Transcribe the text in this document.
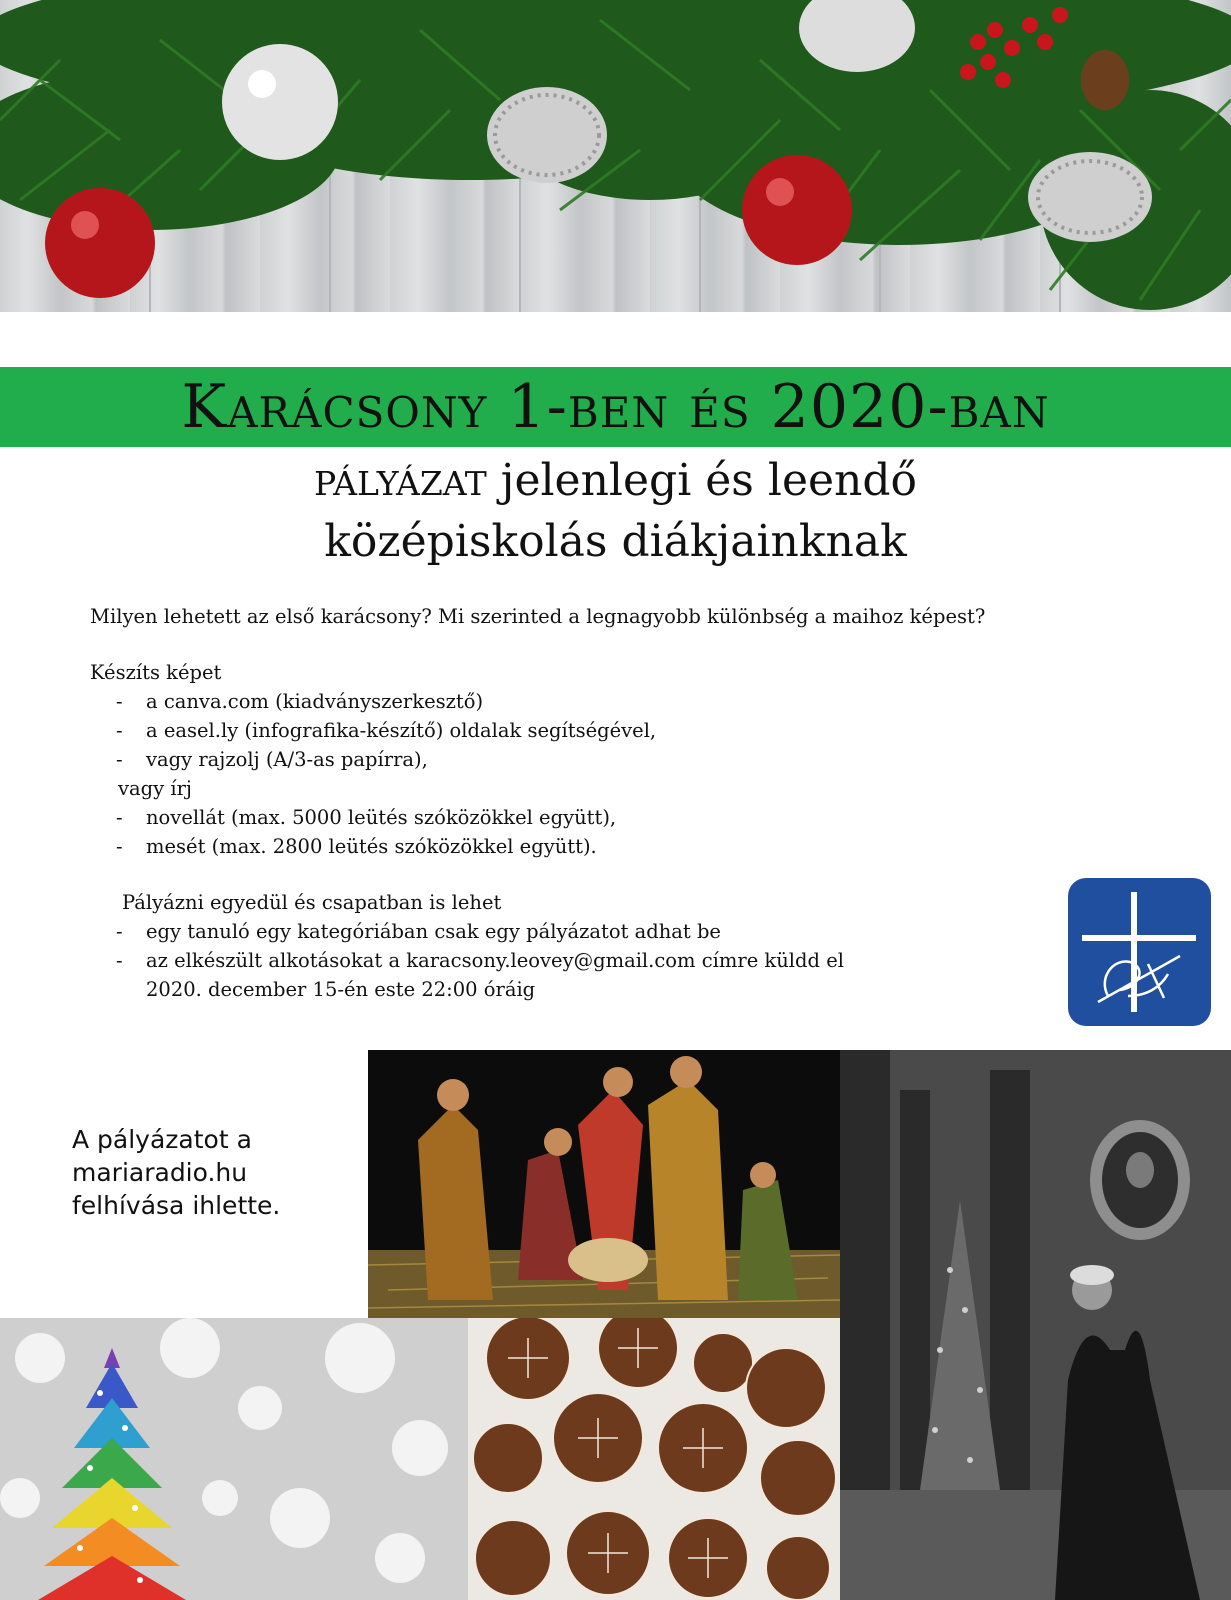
Karácsony 1-ben és 2020-ban
PÁLYÁZAT jelenlegi és leendő
középiskolás diákjainknak
Milyen lehetett az első karácsony? Mi szerinted a legnagyobb különbség a maihoz képest?
Készíts képet
- a canva.com (kiadványszerkesztő)
- a easel.ly (infografika-készítő) oldalak segítségével,
- vagy rajzolj (A/3-as papírra),
vagy írj
- novellát (max. 5000 leütés szóközökkel együtt),
- mesét (max. 2800 leütés szóközökkel együtt).
Pályázni egyedül és csapatban is lehet
- egy tanuló egy kategóriában csak egy pályázatot adhat be
- az elkészült alkotásokat a karacsony.leovey@gmail.com címre küldd el
2020. december 15-én este 22:00 óráig
A pályázatot a
mariaradio.hu
felhívása ihlette.
